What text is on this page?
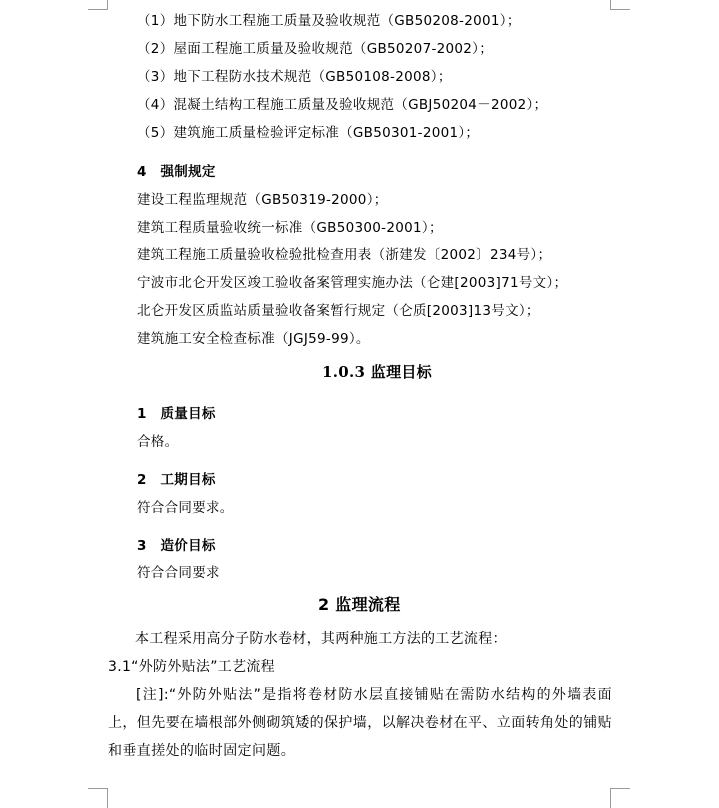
（1）地下防水工程施工质量及验收规范（GB50208-2001）；
（2）屋面工程施工质量及验收规范（GB50207-2002）；
（3）地下工程防水技术规范（GB50108-2008）；
（4）混凝土结构工程施工质量及验收规范（GBJ50204－2002）；
（5）建筑施工质量检验评定标准（GB50301-2001）；
4　强制规定
建设工程监理规范（GB50319-2000）；
建筑工程质量验收统一标准（GB50300-2001）；
建筑工程施工质量验收检验批检查用表（浙建发〔2002〕234号）；
宁波市北仑开发区竣工验收备案管理实施办法（仑建[2003]71号文）；
北仑开发区质监站质量验收备案暂行规定（仑质[2003]13号文）；
建筑施工安全检查标准（JGJ59-99）。
1.0.3 监理目标
1　质量目标
合格。
2　工期目标
符合合同要求。
3　造价目标
符合合同要求
2 监理流程
本工程采用高分子防水卷材，其两种施工方法的工艺流程：
3.1“外防外贴法”工艺流程
[注]:“外防外贴法”是指将卷材防水层直接铺贴在需防水结构的外墙表面上，但先要在墙根部外侧砌筑矮的保护墙，以解决卷材在平、立面转角处的铺贴和垂直搓处的临时固定问题。
